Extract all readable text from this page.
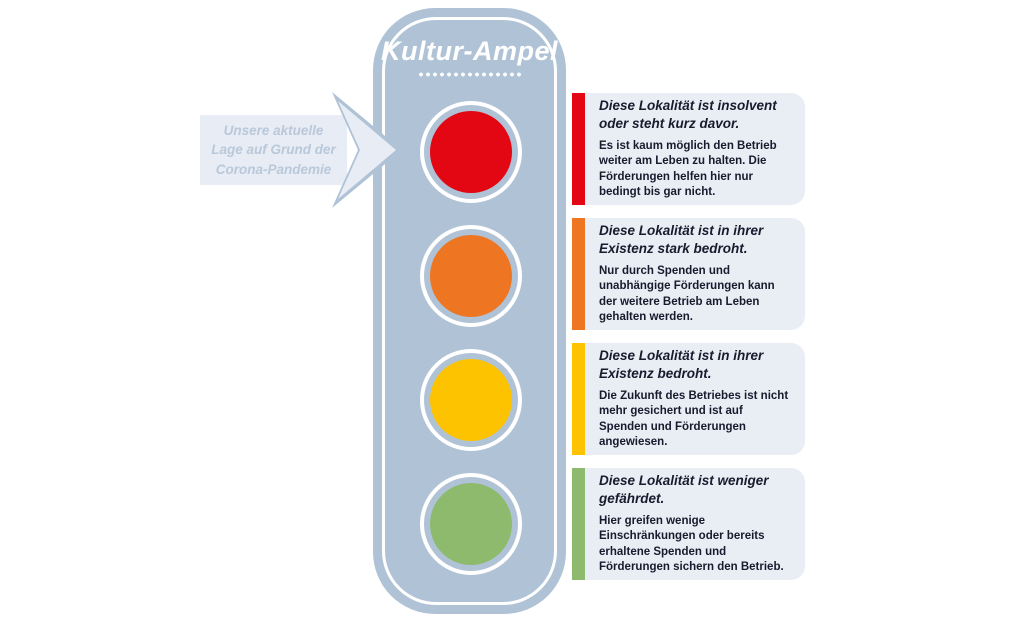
Unsere aktuelle
Lage auf Grund der
Corona-Pandemie
Kultur-Ampel
Diese Lokalität ist insolvent oder steht kurz davor.
Es ist kaum möglich den Betrieb weiter am Leben zu halten. Die Förderungen helfen hier nur bedingt bis gar nicht.
Diese Lokalität ist in ihrer Existenz stark bedroht.
Nur durch Spenden und unabhängige Förderungen kann der weitere Betrieb am Leben gehalten werden.
Diese Lokalität ist in ihrer Existenz bedroht.
Die Zukunft des Betriebes ist nicht mehr gesichert und ist auf Spenden und Förderungen angewiesen.
Diese Lokalität ist weniger gefährdet.
Hier greifen wenige Einschränkungen oder bereits erhaltene Spenden und Förderungen sichern den Betrieb.
